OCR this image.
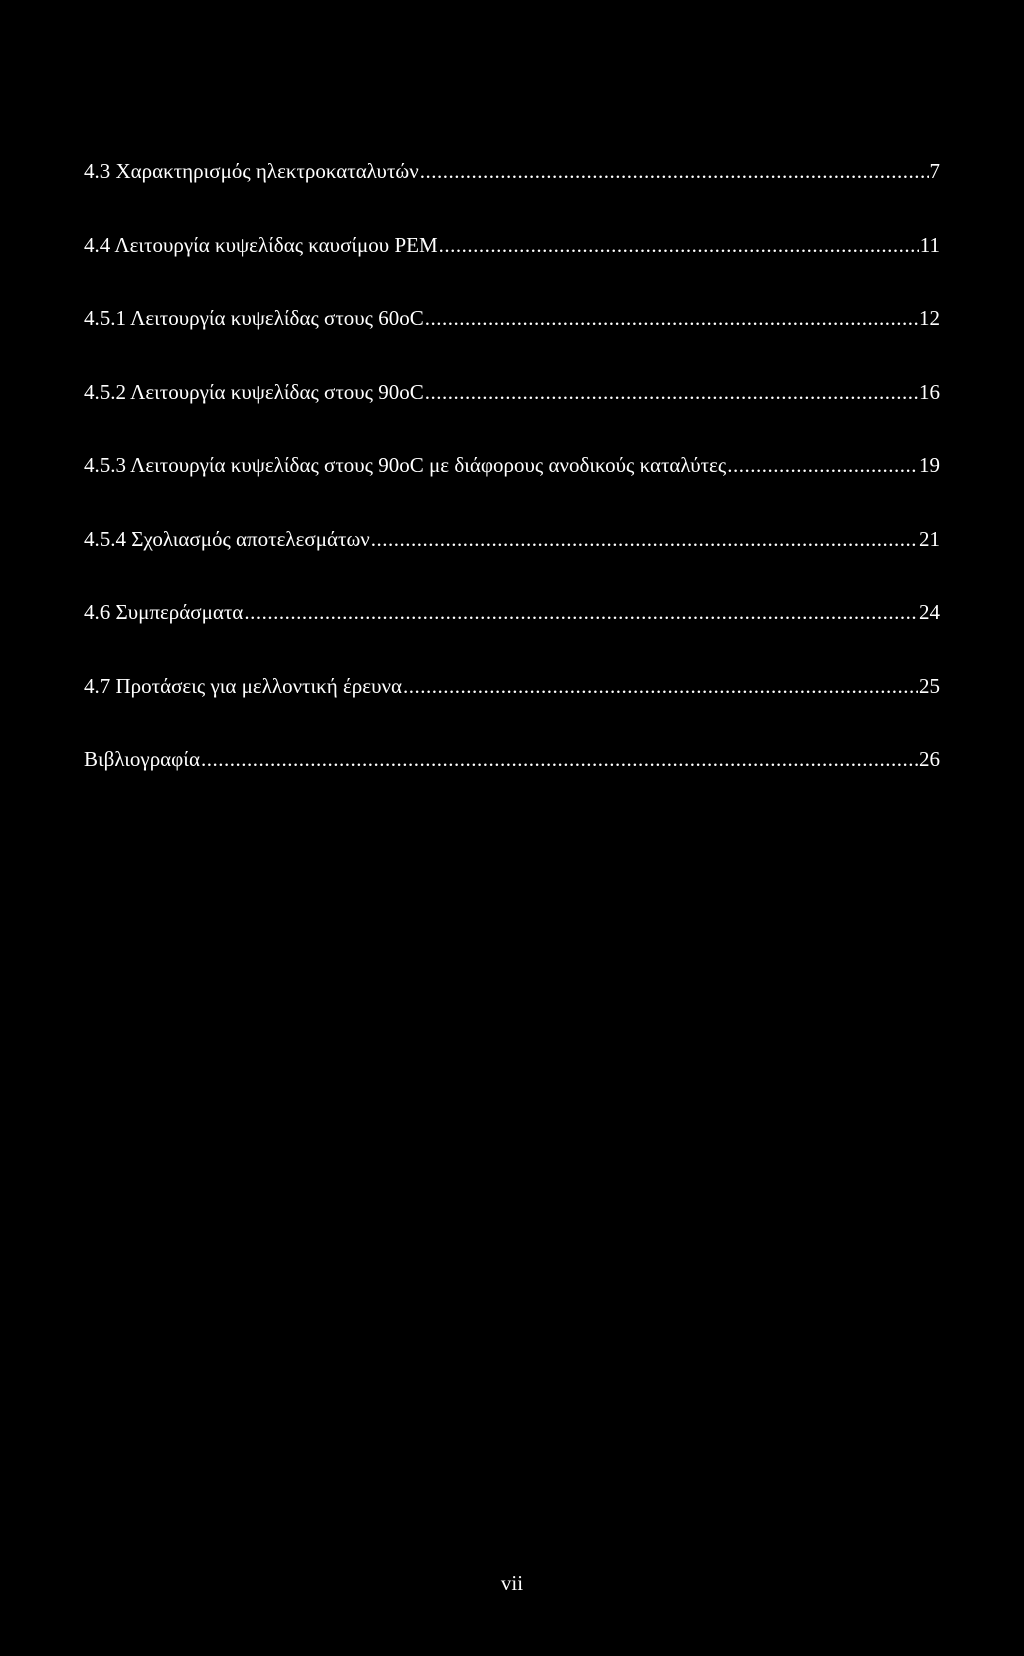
4.3 Χαρακτηρισμός ηλεκτροκαταλυτών .....	7
4.4 Λειτουργία κυψελίδας καυσίμου PEM .....	11
4.5.1 Λειτουργία κυψελίδας στους 60oC .....	12
4.5.2 Λειτουργία κυψελίδας στους 90oC .....	16
4.5.3 Λειτουργία κυψελίδας στους 90oC με διάφορους ανοδικούς καταλύτες .....	19
4.5.4 Σχολιασμός αποτελεσμάτων .....	21
4.6 Συμπεράσματα .....	24
4.7 Προτάσεις για μελλοντική έρευνα .....	25
Βιβλιογραφία .....	26
vii
